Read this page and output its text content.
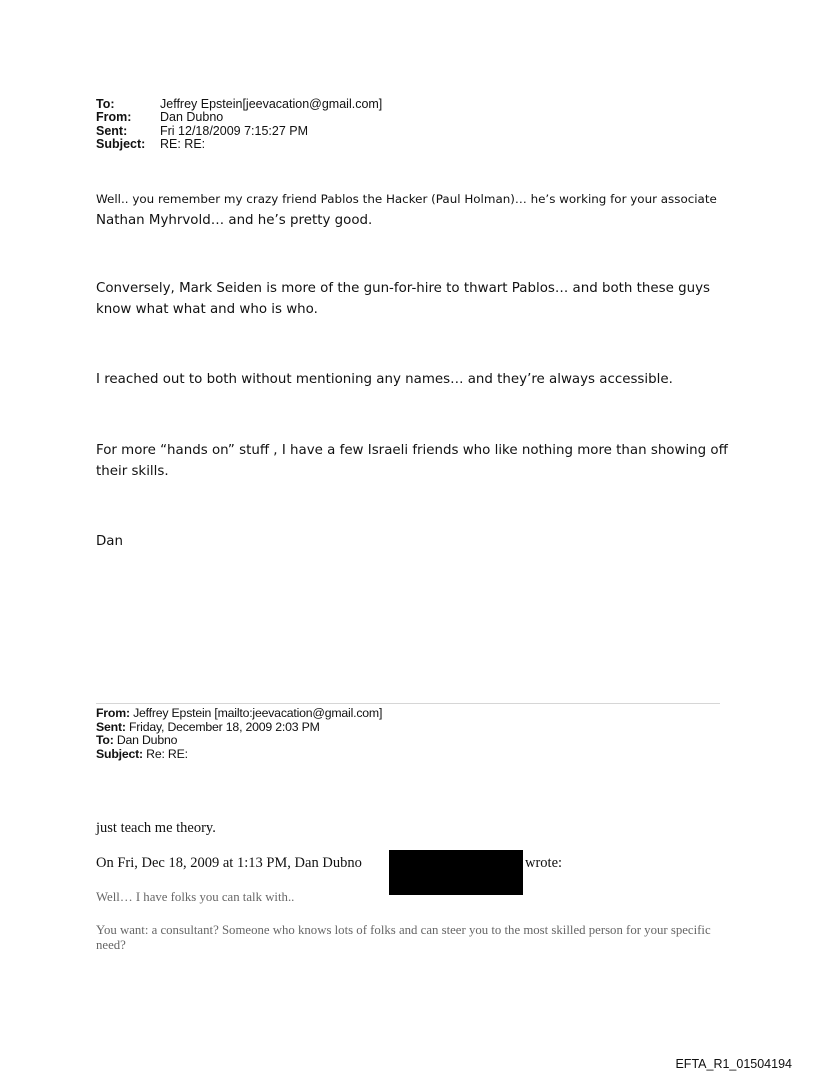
To:	Jeffrey Epstein[jeevacation@gmail.com]
From:	Dan Dubno
Sent:	Fri 12/18/2009 7:15:27 PM
Subject:	RE: RE:
Well.. you remember my crazy friend Pablos the Hacker (Paul Holman)… he’s working for your associate
Nathan Myhrvold… and he’s pretty good.
Conversely, Mark Seiden is more of the gun-for-hire to thwart Pablos… and both these guys know what what and who is who.
I reached out to both without mentioning any names… and they’re always accessible.
For more “hands on” stuff , I have a few Israeli friends who like nothing more than showing off their skills.
Dan
From: Jeffrey Epstein [mailto:jeevacation@gmail.com]
Sent: Friday, December 18, 2009 2:03 PM
To: Dan Dubno
Subject: Re: RE:
just teach me theory.
On Fri, Dec 18, 2009 at 1:13 PM, Dan Dubno	wrote:
Well… I have folks you can talk with..
You want: a consultant? Someone who knows lots of folks and can steer you to the most skilled person for your specific need?
EFTA_R1_01504194
